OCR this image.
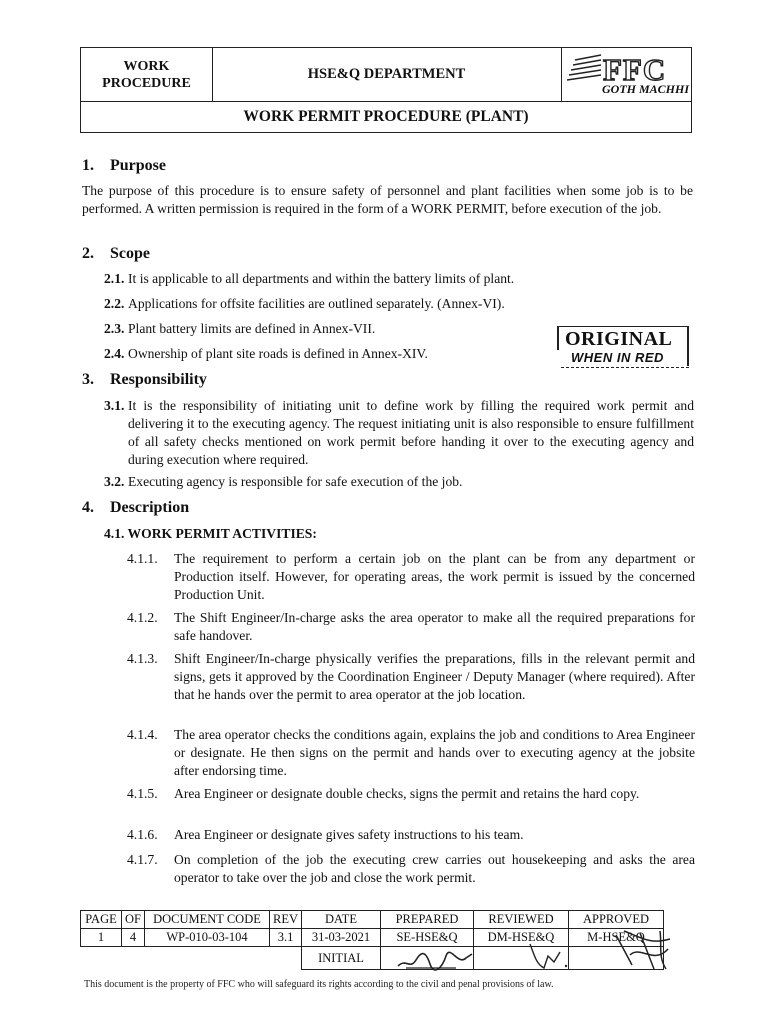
WORK
PROCEDURE
HSE&Q DEPARTMENT	FFC
GOTH MACHHI
WORK PERMIT PROCEDURE (PLANT)
1. Purpose
The purpose of this procedure is to ensure safety of personnel and plant facilities when some job is to be performed. A written permission is required in the form of a WORK PERMIT, before execution of the job.
2. Scope
2.1. It is applicable to all departments and within the battery limits of plant.
2.2. Applications for offsite facilities are outlined separately. (Annex-VI).
2.3. Plant battery limits are defined in Annex-VII.
2.4. Ownership of plant site roads is defined in Annex-XIV.
ORIGINAL
WHEN IN RED
3. Responsibility
3.1. It is the responsibility of initiating unit to define work by filling the required work permit and delivering it to the executing agency. The request initiating unit is also responsible to ensure fulfillment of all safety checks mentioned on work permit before handing it over to the executing agency and during execution where required.
3.2. Executing agency is responsible for safe execution of the job.
4. Description
4.1. WORK PERMIT ACTIVITIES:
4.1.1. The requirement to perform a certain job on the plant can be from any department or Production itself. However, for operating areas, the work permit is issued by the concerned Production Unit.
4.1.2. The Shift Engineer/In-charge asks the area operator to make all the required preparations for safe handover.
4.1.3. Shift Engineer/In-charge physically verifies the preparations, fills in the relevant permit and signs, gets it approved by the Coordination Engineer / Deputy Manager (where required). After that he hands over the permit to area operator at the job location.
4.1.4. The area operator checks the conditions again, explains the job and conditions to Area Engineer or designate. He then signs on the permit and hands over to executing agency at the jobsite after endorsing time.
4.1.5. Area Engineer or designate double checks, signs the permit and retains the hard copy.
4.1.6. Area Engineer or designate gives safety instructions to his team.
4.1.7. On completion of the job the executing crew carries out housekeeping and asks the area operator to take over the job and close the work permit.
PAGE	OF	DOCUMENT CODE	REV	DATE	PREPARED	REVIEWED	APPROVED
1	4	WP-010-03-104	3.1	31-03-2021	SE-HSE&Q	DM-HSE&Q	M-HSE&Q
				INITIAL			
This document is the property of FFC who will safeguard its rights according to the civil and penal provisions of law.
